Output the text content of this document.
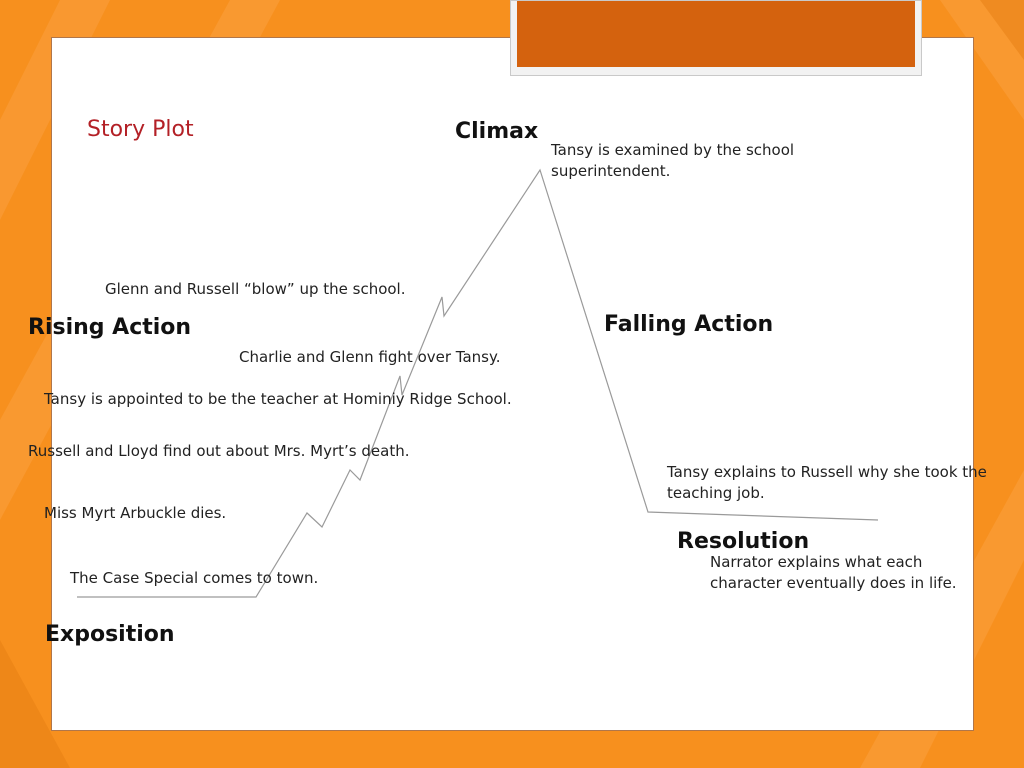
Story Plot	Climax
Tansy is examined by the school superintendent.
Glenn and Russell “blow” up the school.
Rising Action	Falling Action
Charlie and Glenn fight over Tansy.
Tansy is appointed to be the teacher at Hominiy Ridge School.
Russell and Lloyd find out about Mrs. Myrt’s death.
Tansy explains to Russell why she took the teaching job.
Miss Myrt Arbuckle dies.
Resolution
Narrator explains what each character eventually does in life.
The Case Special comes to town.
Exposition
